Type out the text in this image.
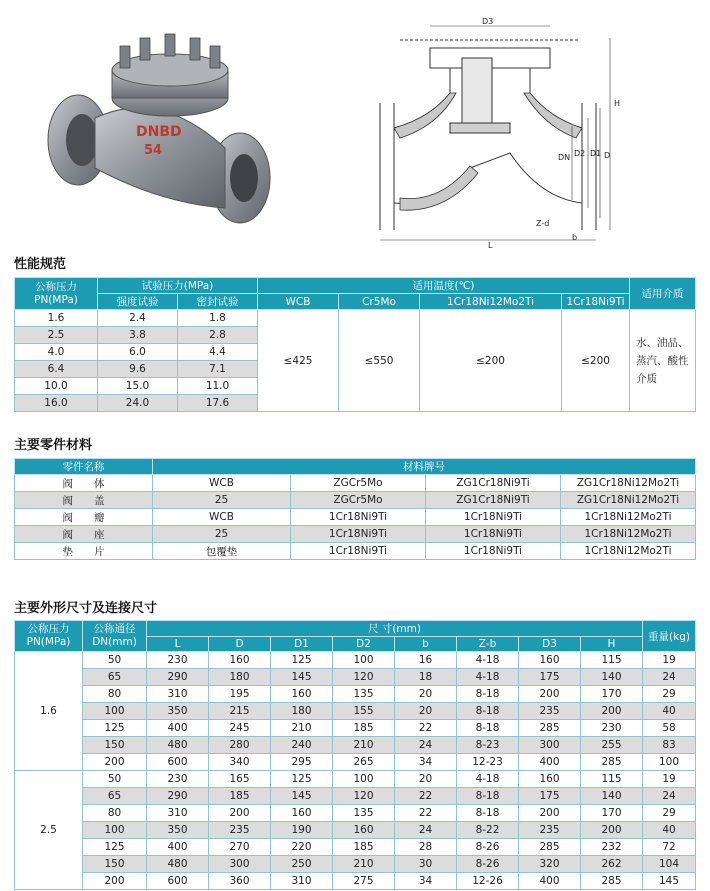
DNBD
54
D3
H
D
D1
D2
DN
L
Z-d
b
性能规范
公称压力
PN(MPa)	试验压力(MPa)		适用温度(℃)				适用介质
	强度试验	密封试验	WCB	Cr5Mo	1Cr18Ni12Mo2Ti	1Cr18Ni9Ti	
1.6	2.4	1.8	≤425	≤550	≤200	≤200	水、油品、蒸汽、酸性介质
2.5	3.8	2.8					
4.0	6.0	4.4					
6.4	9.6	7.1					
10.0	15.0	11.0					
16.0	24.0	17.6					
主要零件材料
零件名称	材料牌号			
阀　　体	WCB	ZGCr5Mo	ZG1Cr18Ni9Ti	ZG1Cr18Ni12Mo2Ti
阀　　盖	25	ZGCr5Mo	ZG1Cr18Ni9Ti	ZG1Cr18Ni12Mo2Ti
阀　　瓣	WCB	1Cr18Ni9Ti	1Cr18Ni9Ti	1Cr18Ni12Mo2Ti
阀　　座	25	1Cr18Ni9Ti	1Cr18Ni9Ti	1Cr18Ni12Mo2Ti
垫　　片	包覆垫	1Cr18Ni9Ti	1Cr18Ni9Ti	1Cr18Ni12Mo2Ti
主要外形尺寸及连接尺寸
公称压力
PN(MPa)	公称通径
DN(mm)	尺 寸(mm)								重量(kg)
		L	D	D1	D2	b	Z-b	D3	H	
1.6	50	230	160	125	100	16	4-18	160	115	19
	65	290	180	145	120	18	4-18	175	140	24
	80	310	195	160	135	20	8-18	200	170	29
	100	350	215	180	155	20	8-18	235	200	40
	125	400	245	210	185	22	8-18	285	230	58
	150	480	280	240	210	24	8-23	300	255	83
	200	600	340	295	265	34	12-23	400	285	100
2.5	50	230	165	125	100	20	4-18	160	115	19
	65	290	185	145	120	22	8-18	175	140	24
	80	310	200	160	135	22	8-18	200	170	29
	100	350	235	190	160	24	8-22	235	200	40
	125	400	270	220	185	28	8-26	285	232	72
	150	480	300	250	210	30	8-26	320	262	104
	200	600	360	310	275	34	12-26	400	285	145
